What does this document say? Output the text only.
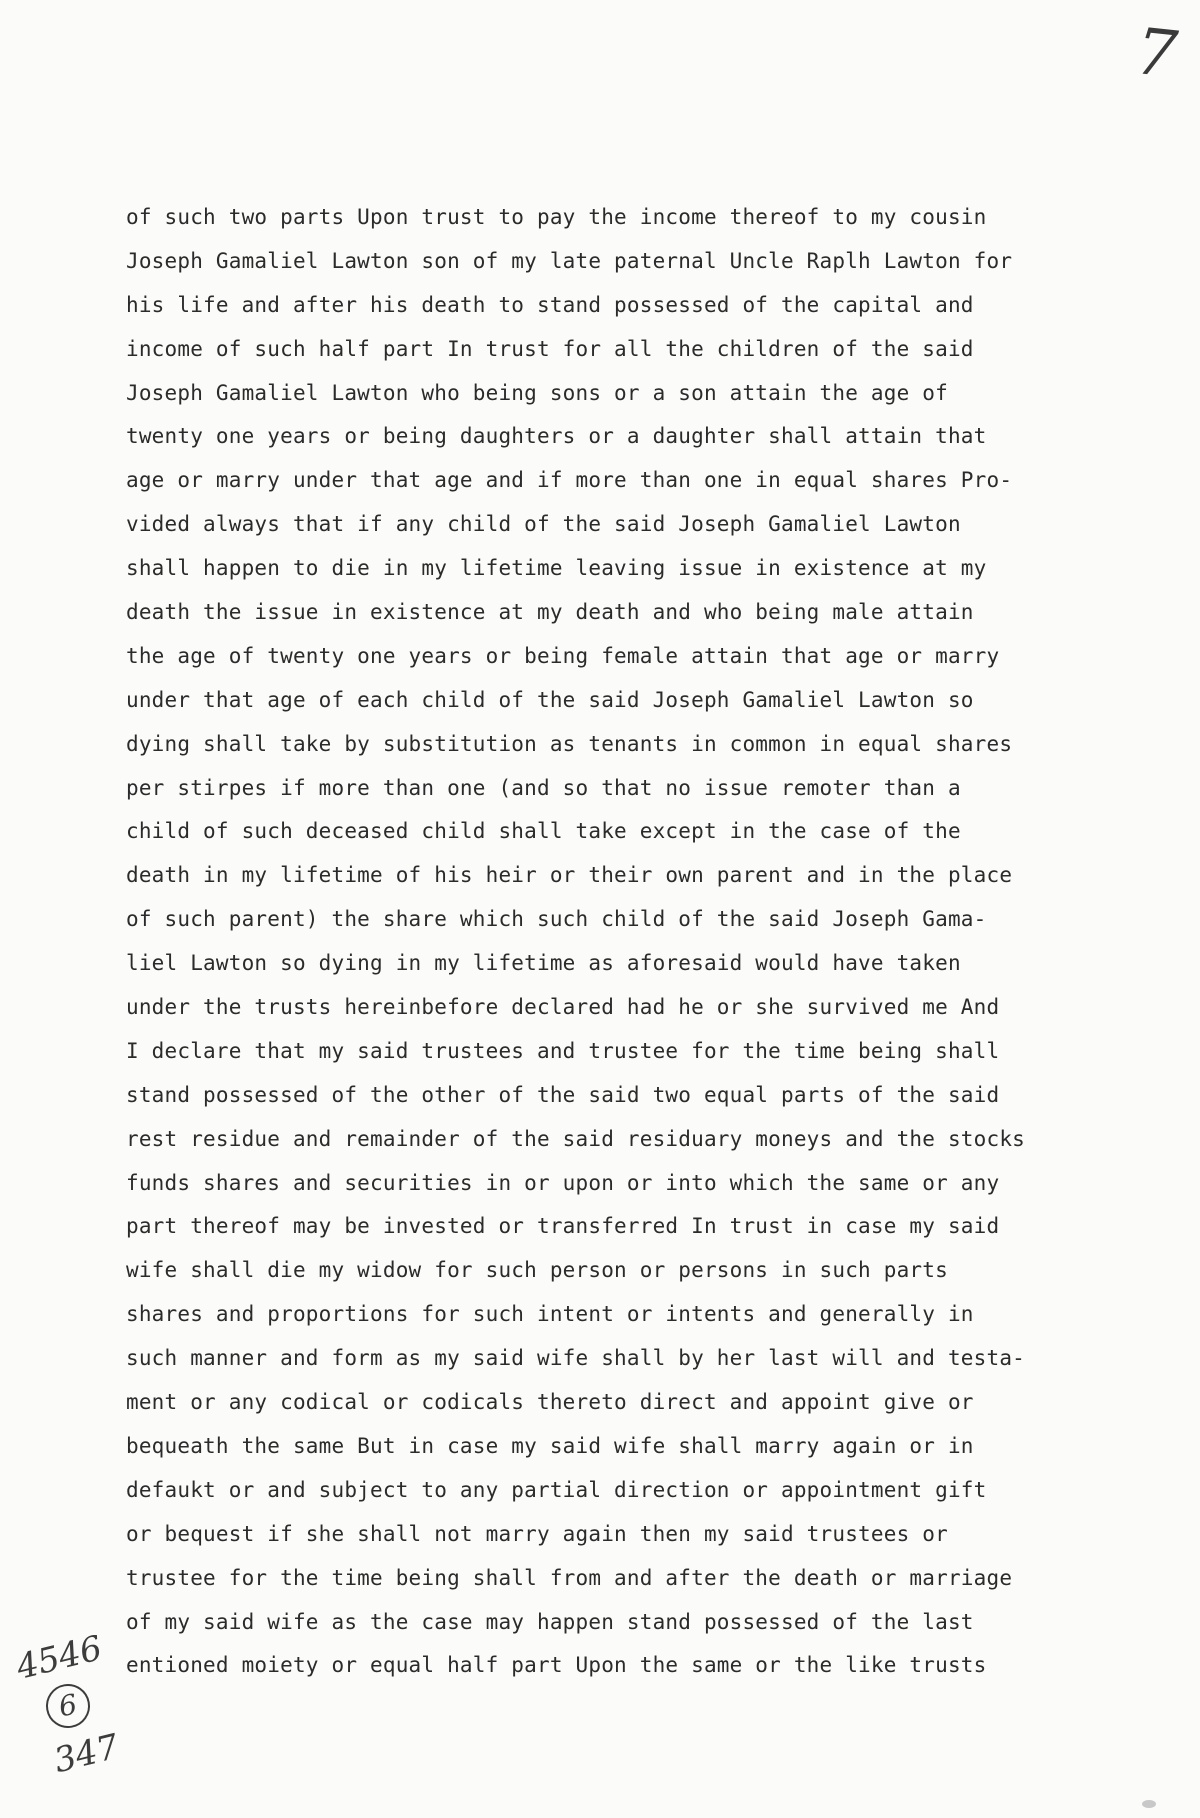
7
of such two parts Upon trust to pay the income thereof to my cousin
Joseph Gamaliel Lawton son of my late paternal Uncle Raplh Lawton for
his life and after his death to stand possessed of the capital and
income of such half part In trust for all the children of the said
Joseph Gamaliel Lawton who being sons or a son attain the age of
twenty one years or being daughters or a daughter shall attain that
age or marry under that age and if more than one in equal shares Pro-
vided always that if any child of the said Joseph Gamaliel Lawton
shall happen to die in my lifetime leaving issue in existence at my
death the issue in existence at my death and who being male attain
the age of twenty one years or being female attain that age or marry
under that age of each child of the said Joseph Gamaliel Lawton so
dying shall take by substitution as tenants in common in equal shares
per stirpes if more than one (and so that no issue remoter than a
child of such deceased child shall take except in the case of the
death in my lifetime of his heir or their own parent and in the place
of such parent) the share which such child of the said Joseph Gama-
liel Lawton so dying in my lifetime as aforesaid would have taken
under the trusts hereinbefore declared had he or she survived me And
I declare that my said trustees and trustee for the time being shall
stand possessed of the other of the said two equal parts of the said
rest residue and remainder of the said residuary moneys and the stocks
funds shares and securities in or upon or into which the same or any
part thereof may be invested or transferred In trust in case my said
wife shall die my widow for such person or persons in such parts
shares and proportions for such intent or intents and generally in
such manner and form as my said wife shall by her last will and testa-
ment or any codical or codicals thereto direct and appoint give or
bequeath the same But in case my said wife shall marry again or in
defaukt or and subject to any partial direction or appointment gift
or bequest if she shall not marry again then my said trustees or
trustee for the time being shall from and after the death or marriage
of my said wife as the case may happen stand possessed of the last
entioned moiety or equal half part Upon the same or the like trusts
4546
6
347
